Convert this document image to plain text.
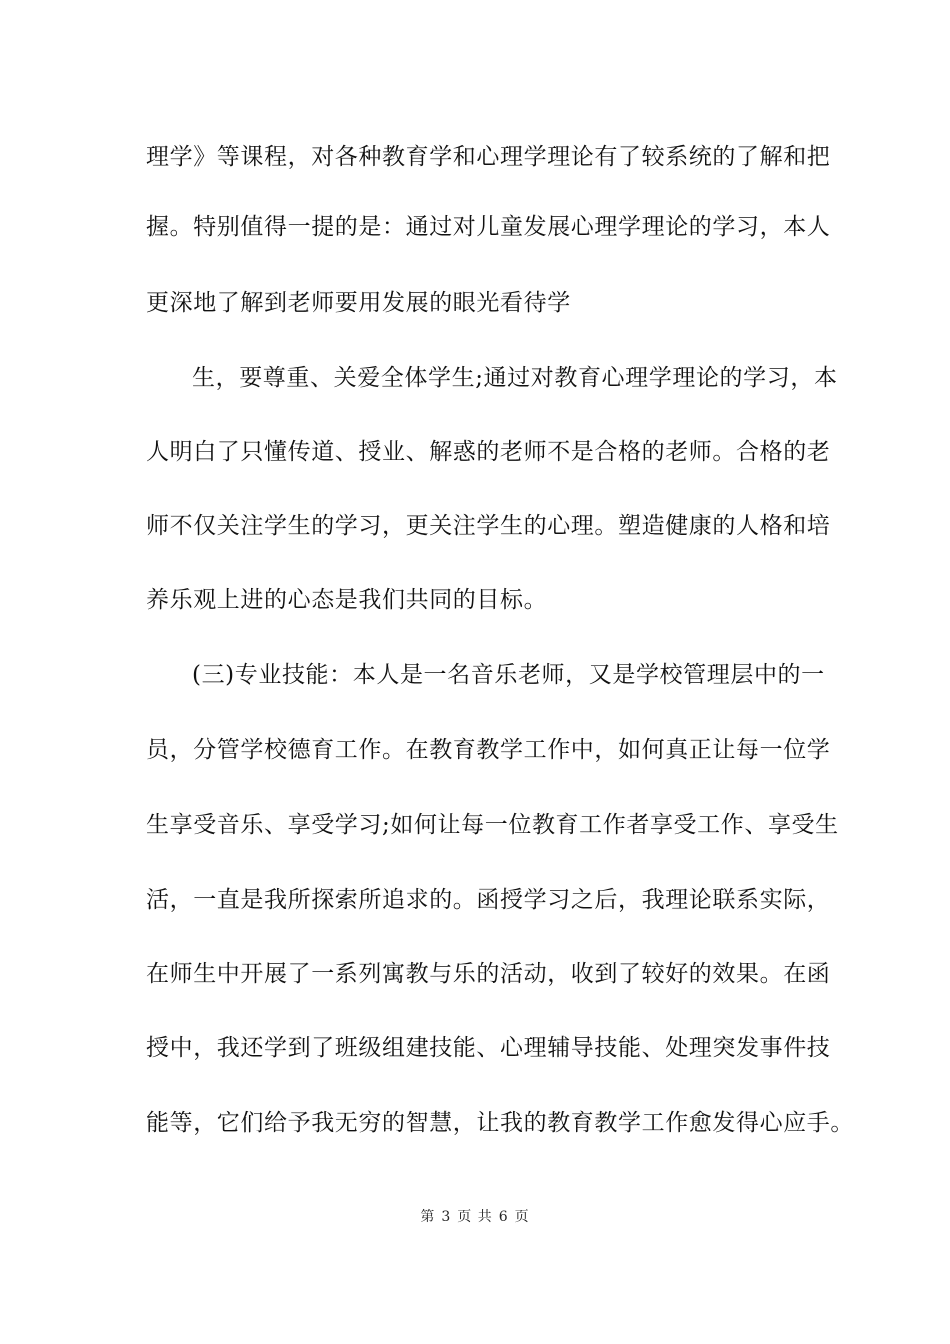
理学》等课程，对各种教育学和心理学理论有了较系统的了解和把
握。特别值得一提的是：通过对儿童发展心理学理论的学习，本人
更深地了解到老师要用发展的眼光看待学
生，要尊重、关爱全体学生;通过对教育心理学理论的学习，本
人明白了只懂传道、授业、解惑的老师不是合格的老师。合格的老
师不仅关注学生的学习，更关注学生的心理。塑造健康的人格和培
养乐观上进的心态是我们共同的目标。
(三)专业技能：本人是一名音乐老师，又是学校管理层中的一
员，分管学校德育工作。在教育教学工作中，如何真正让每一位学
生享受音乐、享受学习;如何让每一位教育工作者享受工作、享受生
活，一直是我所探索所追求的。函授学习之后，我理论联系实际，
在师生中开展了一系列寓教与乐的活动，收到了较好的效果。在函
授中，我还学到了班级组建技能、心理辅导技能、处理突发事件技
能等，它们给予我无穷的智慧，让我的教育教学工作愈发得心应手。
第 3 页 共 6 页
